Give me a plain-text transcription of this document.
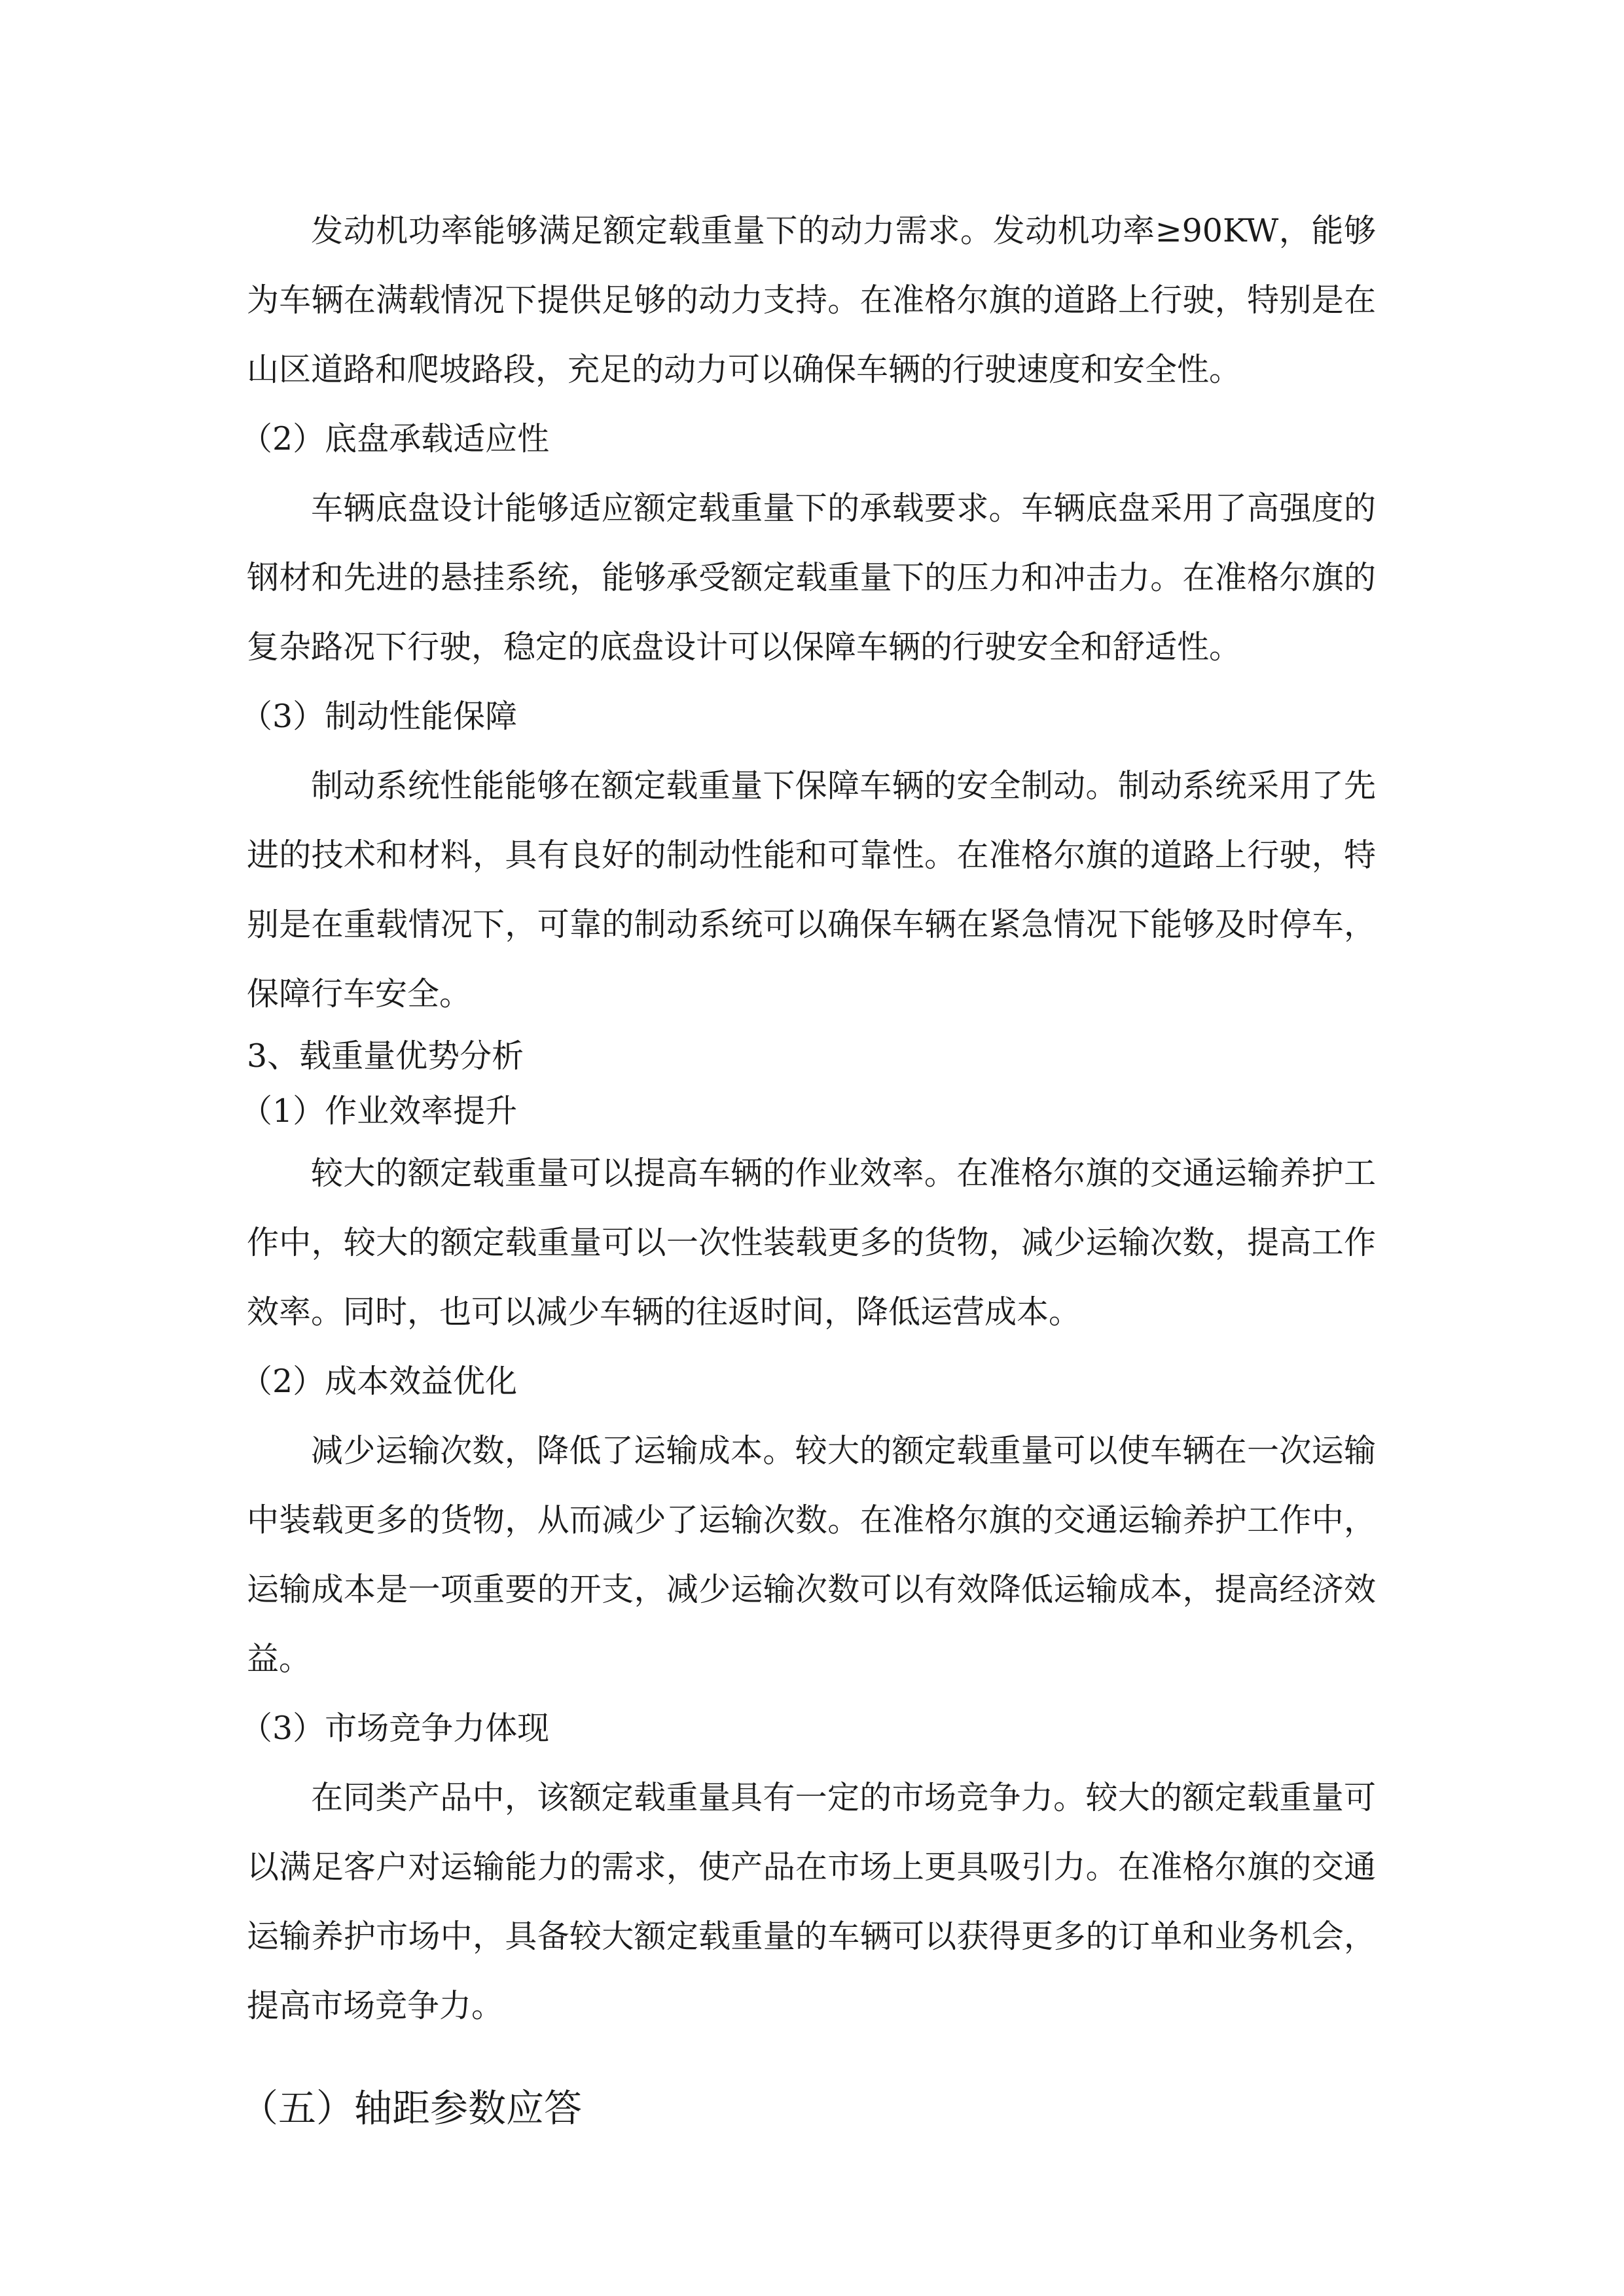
发动机功率能够满足额定载重量下的动力需求。发动机功率≥90KW，能够为车辆在满载情况下提供足够的动力支持。在准格尔旗的道路上行驶，特别是在山区道路和爬坡路段，充足的动力可以确保车辆的行驶速度和安全性。

（2）底盘承载适应性

车辆底盘设计能够适应额定载重量下的承载要求。车辆底盘采用了高强度的钢材和先进的悬挂系统，能够承受额定载重量下的压力和冲击力。在准格尔旗的复杂路况下行驶，稳定的底盘设计可以保障车辆的行驶安全和舒适性。

（3）制动性能保障

制动系统性能能够在额定载重量下保障车辆的安全制动。制动系统采用了先进的技术和材料，具有良好的制动性能和可靠性。在准格尔旗的道路上行驶，特别是在重载情况下，可靠的制动系统可以确保车辆在紧急情况下能够及时停车，保障行车安全。

3、载重量优势分析

（1）作业效率提升

较大的额定载重量可以提高车辆的作业效率。在准格尔旗的交通运输养护工作中，较大的额定载重量可以一次性装载更多的货物，减少运输次数，提高工作效率。同时，也可以减少车辆的往返时间，降低运营成本。

（2）成本效益优化

减少运输次数，降低了运输成本。较大的额定载重量可以使车辆在一次运输中装载更多的货物，从而减少了运输次数。在准格尔旗的交通运输养护工作中，运输成本是一项重要的开支，减少运输次数可以有效降低运输成本，提高经济效益。

（3）市场竞争力体现

在同类产品中，该额定载重量具有一定的市场竞争力。较大的额定载重量可以满足客户对运输能力的需求，使产品在市场上更具吸引力。在准格尔旗的交通运输养护市场中，具备较大额定载重量的车辆可以获得更多的订单和业务机会，提高市场竞争力。

（五）轴距参数应答
